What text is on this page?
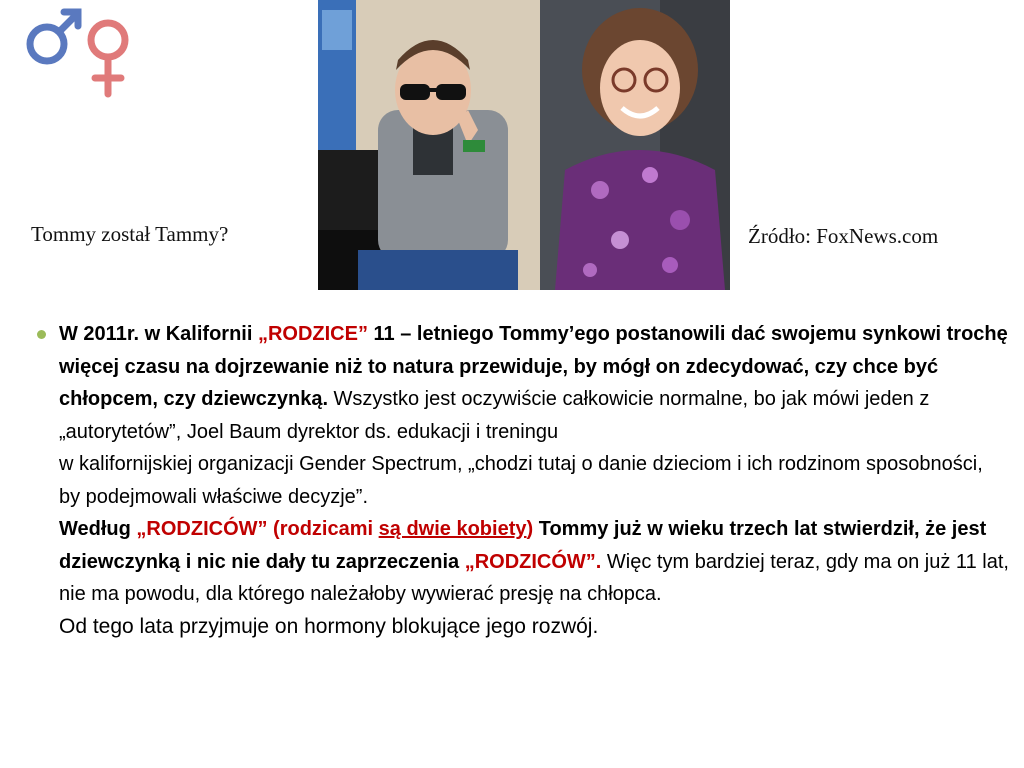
Tommy został Tammy?	Źródło: FoxNews.com

W 2011r. w Kalifornii „RODZICE” 11 – letniego Tommy’ego postanowili dać swojemu synkowi trochę więcej czasu na dojrzewanie niż to natura przewiduje, by mógł on zdecydować, czy chce być chłopcem, czy dziewczynką. Wszystko jest oczywiście całkowicie normalne, bo jak mówi jeden z „autorytetów”, Joel Baum dyrektor ds. edukacji i treningu

w kalifornijskiej organizacji Gender Spectrum, „chodzi tutaj o danie dzieciom i ich rodzinom sposobności, by podejmowali właściwe decyzje”.

Według „RODZICÓW” (rodzicami są dwie kobiety) Tommy już w wieku trzech lat stwierdził, że jest dziewczynką i nic nie dały tu zaprzeczenia „RODZICÓW”. Więc tym bardziej teraz, gdy ma on już 11 lat, nie ma powodu, dla którego należałoby wywierać presję na chłopca.

Od tego lata przyjmuje on hormony blokujące jego rozwój.
